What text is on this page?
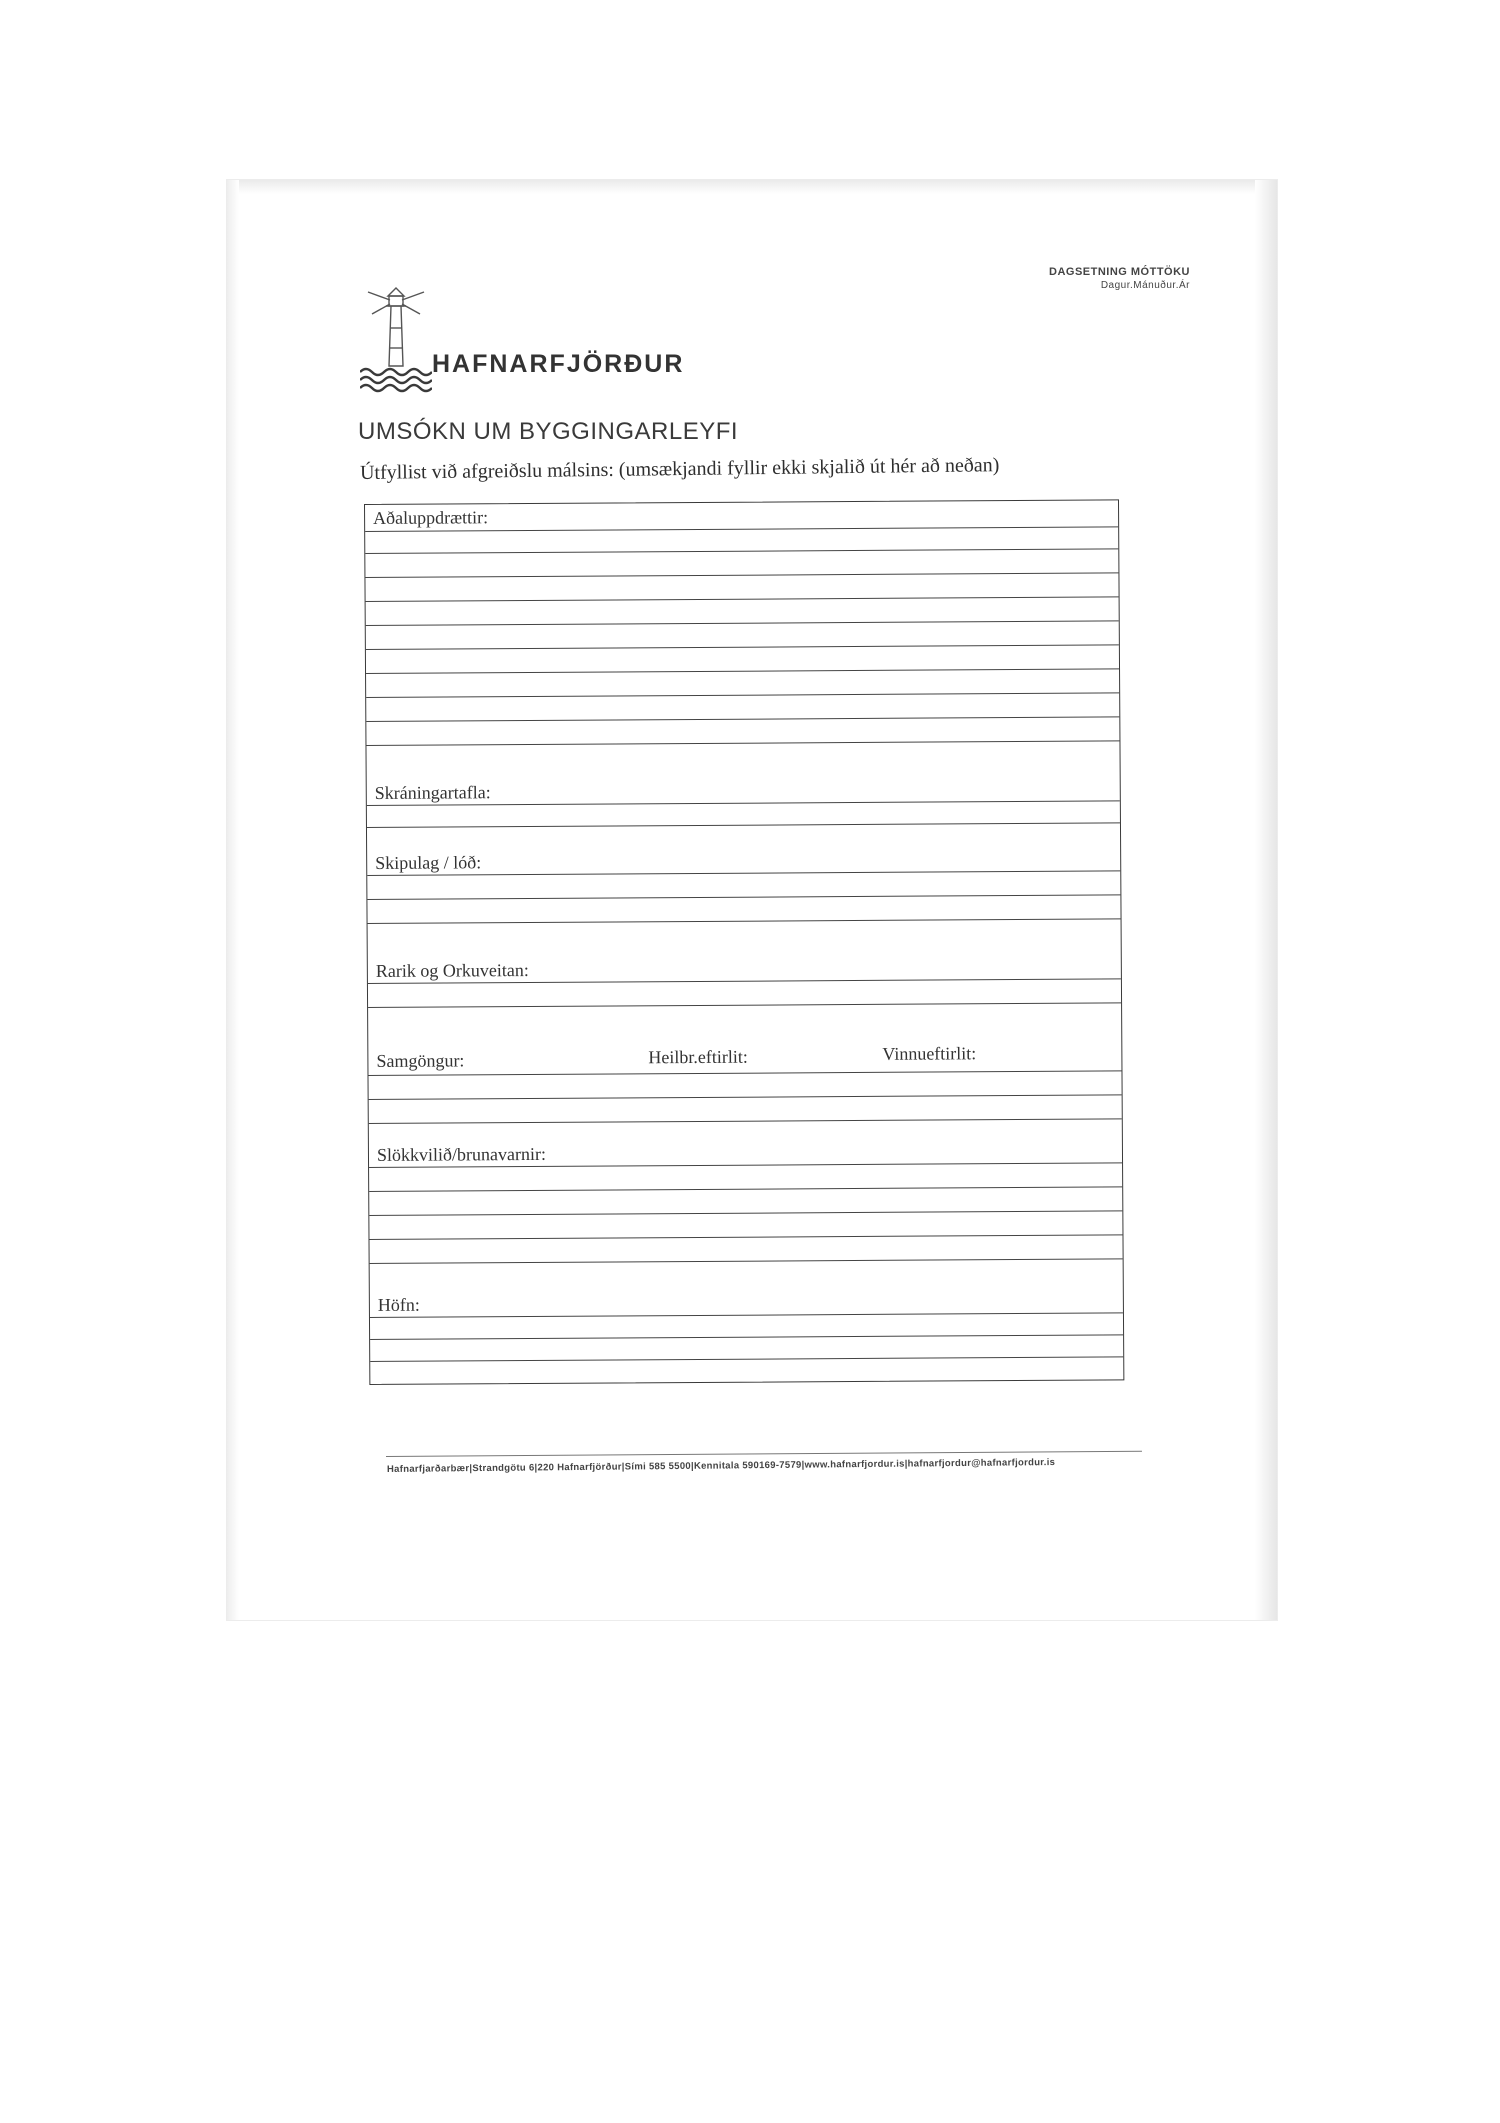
DAGSETNING MÓTTÖKU
Dagur.Mánuður.Ár
HAFNARFJÖRÐUR
UMSÓKN UM BYGGINGARLEYFI
Útfyllist við afgreiðslu málsins: (umsækjandi fyllir ekki skjalið út hér að neðan)
Aðaluppdrættir:
Skráningartafla:
Skipulag / lóð:
Rarik og Orkuveitan:
Samgöngur:	Heilbr.eftirlit:	Vinnueftirlit:
Slökkvilið/brunavarnir:
Höfn:
Hafnarfjarðarbær|Strandgötu 6|220 Hafnarfjörður|Sími 585 5500|Kennitala 590169-7579|www.hafnarfjordur.is|hafnarfjordur@hafnarfjordur.is
